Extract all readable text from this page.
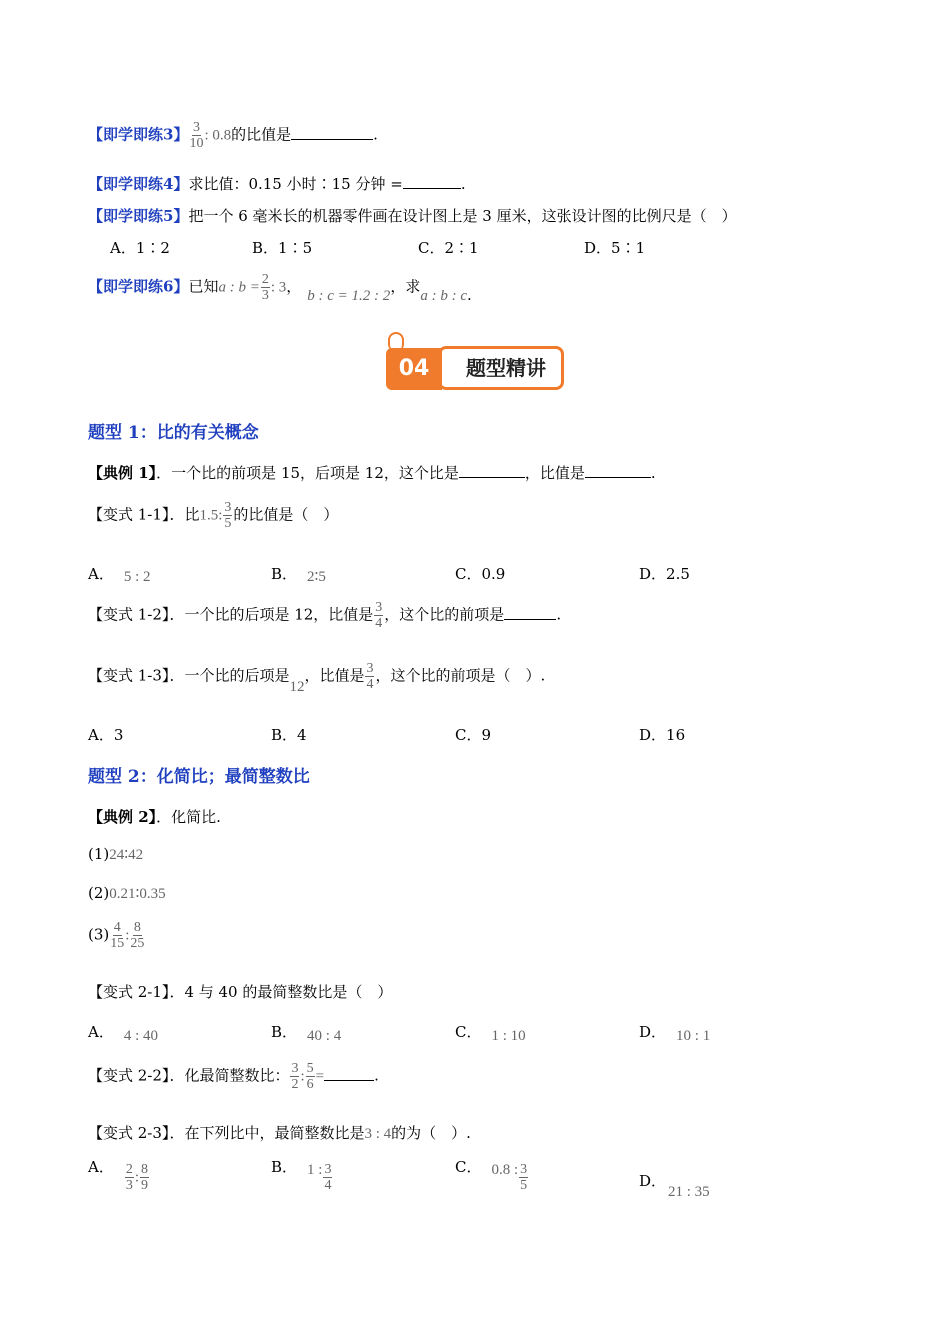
【即学即练3】 $\frac{3}{10}$ : 0.8的比值是	.
【即学即练4】求比值：0.15 小时∶15 分钟 =	.
【即学即练5】把一个 6 毫米长的机器零件画在设计图上是 3 厘米，这张设计图的比例尺是（　）
A．1∶2	B．1∶5	C．2∶1	D．5∶1
【即学即练6】已知a : $b = \frac{2}{3}$ : 3， b : c = 1.2 : 2，求a : b : c.
题型精讲
04
题型 1：比的有关概念
【典例 1】．一个比的前项是 15，后项是 12，这个比是	，比值是	.
【变式 1-1】．比1.5: $\frac{3}{5}$ 的比值是（　）
A． 5 : 2	B． 2∶5	C．0.9	D．2.5
【变式 1-2】．一个比的后项是 12，比值是 $\frac{3}{4}$ ，这个比的前项是	.
【变式 1-3】．一个比的后项是12，比值是 $\frac{3}{4}$ ，这个比的前项是（　）.
A．3	B．4	C．9	D．16
题型 2：化简比；最简整数比
【典例 2】．化简比.
(1)24∶42
(2)0.21∶0.35
$(3) \frac{4}{15}$ : $\frac{8}{25}$
【变式 2-1】．4 与 40 的最简整数比是（　）
A． 4 : 40	B． 40 : 4	C． 1 : 10	D． 10 : 1
【变式 2-2】．化最简整数比： $\frac{3}{2}$ : $\frac{5}{6}$ =	.
【变式 2-3】．在下列比中，最简整数比是3 : 4的为（　）.
A． $\frac{2}{3}$ : $\frac{8}{9}$	B． 1 : $\frac{3}{4}$	C． 0.8 : $\frac{3}{5}$	D．
21 : 35
